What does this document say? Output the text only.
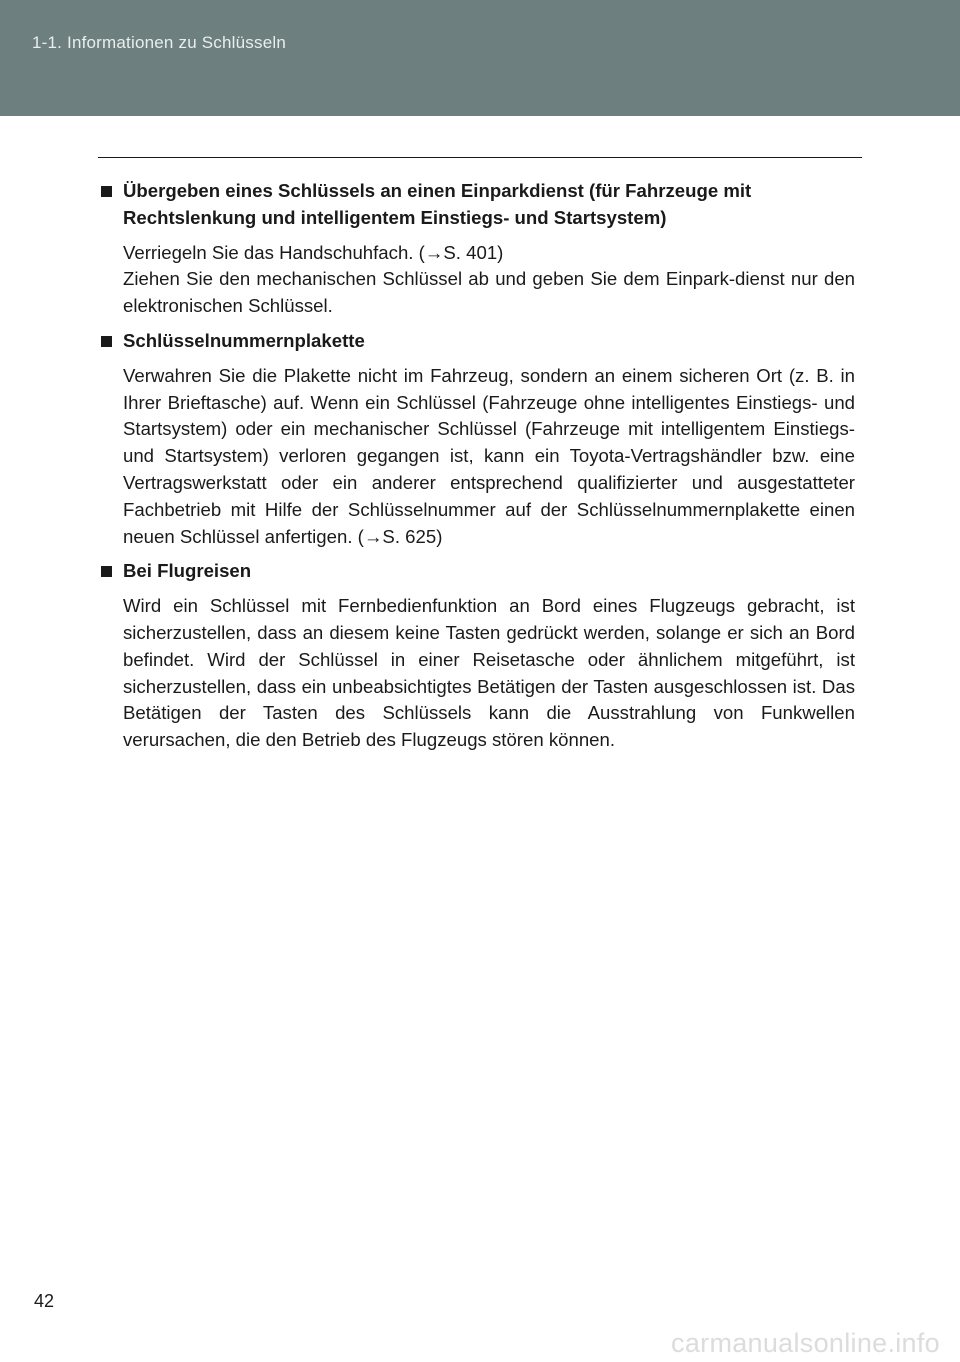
1-1. Informationen zu Schlüsseln
Übergeben eines Schlüssels an einen Einparkdienst (für Fahrzeuge mit Rechtslenkung und intelligentem Einstiegs- und Startsystem)
Verriegeln Sie das Handschuhfach. (→S. 401)
Ziehen Sie den mechanischen Schlüssel ab und geben Sie dem Einpark-dienst nur den elektronischen Schlüssel.
Schlüsselnummernplakette
Verwahren Sie die Plakette nicht im Fahrzeug, sondern an einem sicheren Ort (z. B. in Ihrer Brieftasche) auf. Wenn ein Schlüssel (Fahrzeuge ohne intelligentes Einstiegs- und Startsystem) oder ein mechanischer Schlüssel (Fahrzeuge mit intelligentem Einstiegs- und Startsystem) verloren gegangen ist, kann ein Toyota-Vertragshändler bzw. eine Vertragswerkstatt oder ein anderer entsprechend qualifizierter und ausgestatteter Fachbetrieb mit Hilfe der Schlüsselnummer auf der Schlüsselnummernplakette einen neuen Schlüssel anfertigen. (→S. 625)
Bei Flugreisen
Wird ein Schlüssel mit Fernbedienfunktion an Bord eines Flugzeugs gebracht, ist sicherzustellen, dass an diesem keine Tasten gedrückt werden, solange er sich an Bord befindet. Wird der Schlüssel in einer Reisetasche oder ähnlichem mitgeführt, ist sicherzustellen, dass ein unbeabsichtigtes Betätigen der Tasten ausgeschlossen ist. Das Betätigen der Tasten des Schlüssels kann die Ausstrahlung von Funkwellen verursachen, die den Betrieb des Flugzeugs stören können.
42
carmanualsonline.info
